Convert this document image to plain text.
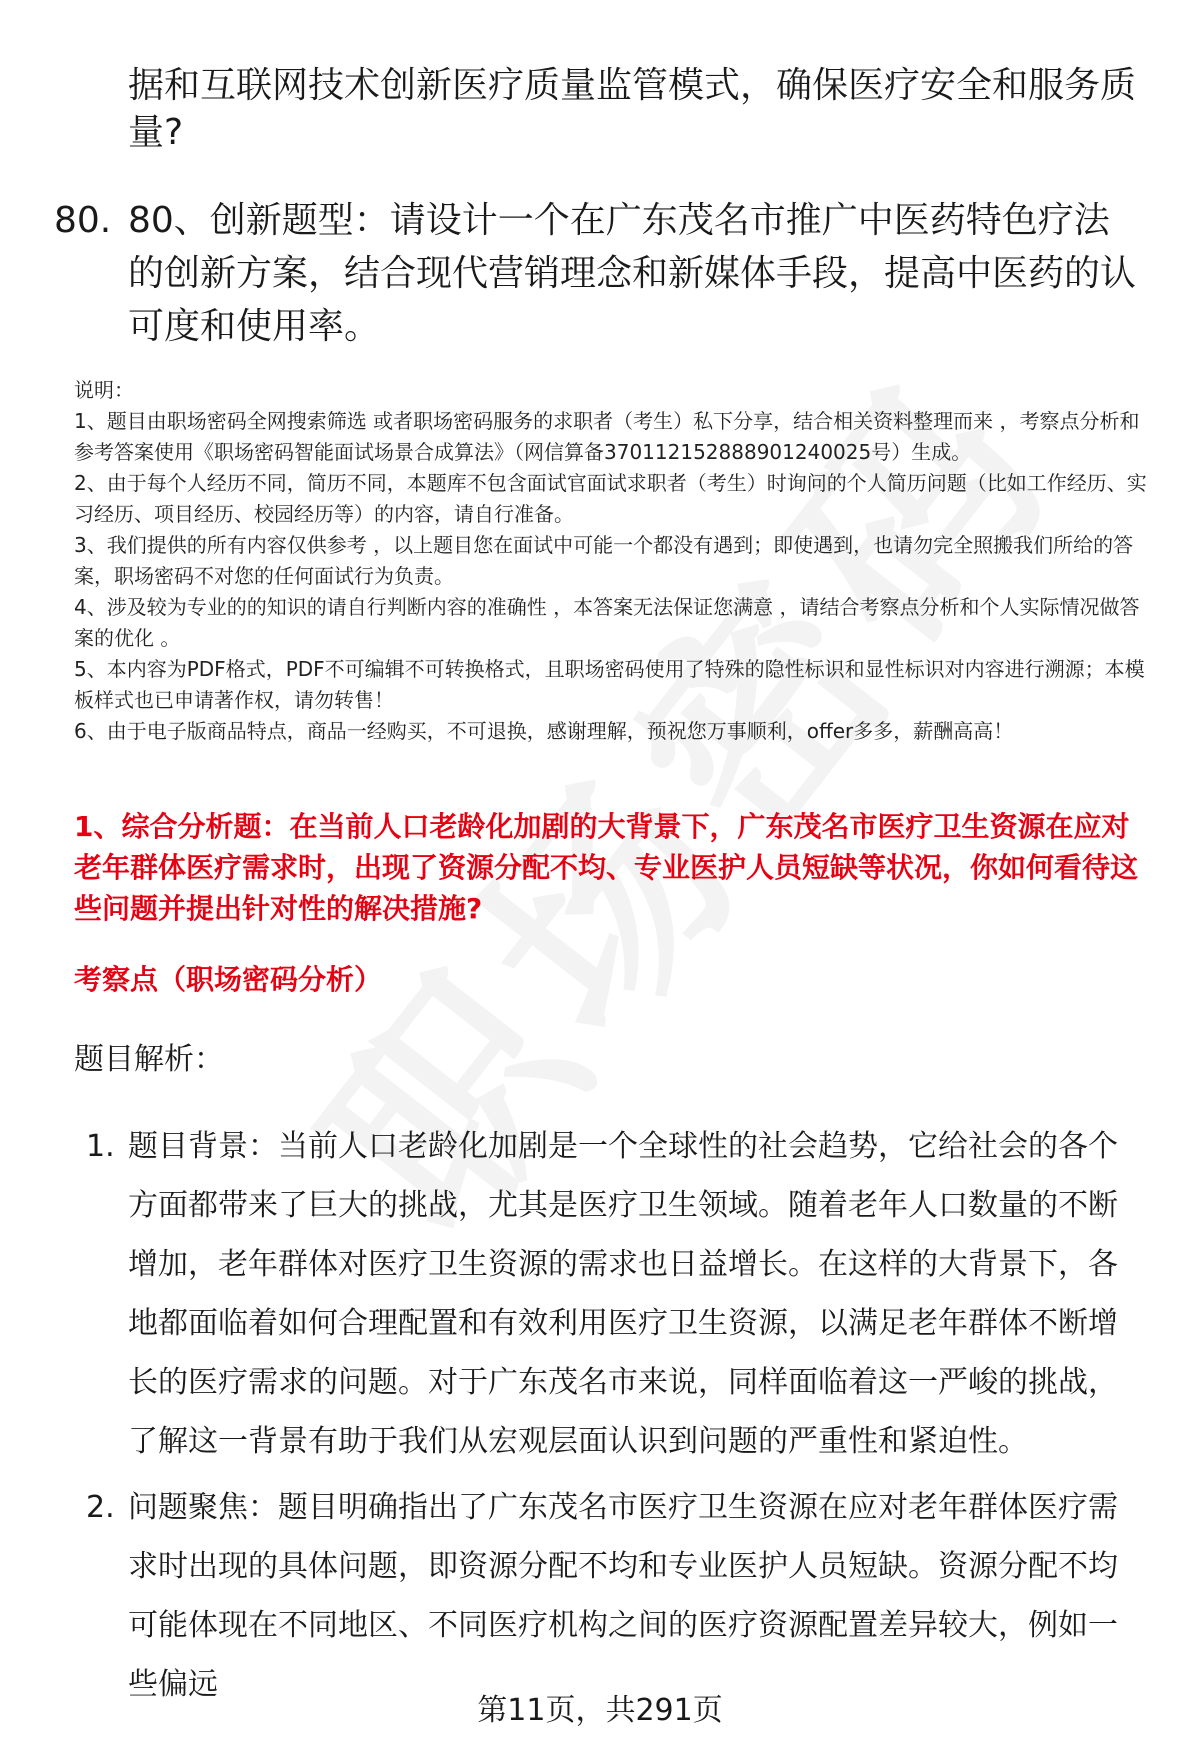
据和互联网技术创新医疗质量监管模式，确保医疗安全和服务质量?
80. 80、创新题型：请设计一个在广东茂名市推广中医药特色疗法的创新方案，结合现代营销理念和新媒体手段，提高中医药的认可度和使用率。
说明：
1、题目由职场密码全网搜索筛选 或者职场密码服务的求职者（考生）私下分享，结合相关资料整理而来 ，考察点分析和参考答案使用《职场密码智能面试场景合成算法》（网信算备370112152888901240025号）生成。
2、由于每个人经历不同，简历不同，本题库不包含面试官面试求职者（考生）时询问的个人简历问题（比如工作经历、实习经历、项目经历、校园经历等）的内容，请自行准备。
3、我们提供的所有内容仅供参考 ，以上题目您在面试中可能一个都没有遇到；即使遇到，也请勿完全照搬我们所给的答案，职场密码不对您的任何面试行为负责。
4、涉及较为专业的的知识的请自行判断内容的准确性 ，本答案无法保证您满意 ，请结合考察点分析和个人实际情况做答案的优化 。
5、本内容为PDF格式，PDF不可编辑不可转换格式，且职场密码使用了特殊的隐性标识和显性标识对内容进行溯源；本模板样式也已申请著作权，请勿转售！
6、由于电子版商品特点，商品一经购买，不可退换，感谢理解，预祝您万事顺利，offer多多，薪酬高高！
1、综合分析题：在当前人口老龄化加剧的大背景下，广东茂名市医疗卫生资源在应对老年群体医疗需求时，出现了资源分配不均、专业医护人员短缺等状况，你如何看待这些问题并提出针对性的解决措施?
考察点（职场密码分析）
题目解析：
1. 题目背景：当前人口老龄化加剧是一个全球性的社会趋势，它给社会的各个方面都带来了巨大的挑战，尤其是医疗卫生领域。随着老年人口数量的不断增加，老年群体对医疗卫生资源的需求也日益增长。在这样的大背景下，各地都面临着如何合理配置和有效利用医疗卫生资源，以满足老年群体不断增长的医疗需求的问题。对于广东茂名市来说，同样面临着这一严峻的挑战，了解这一背景有助于我们从宏观层面认识到问题的严重性和紧迫性。
2. 问题聚焦：题目明确指出了广东茂名市医疗卫生资源在应对老年群体医疗需求时出现的具体问题，即资源分配不均和专业医护人员短缺。资源分配不均可能体现在不同地区、不同医疗机构之间的医疗资源配置差异较大，例如一些偏远
第11页，共291页
